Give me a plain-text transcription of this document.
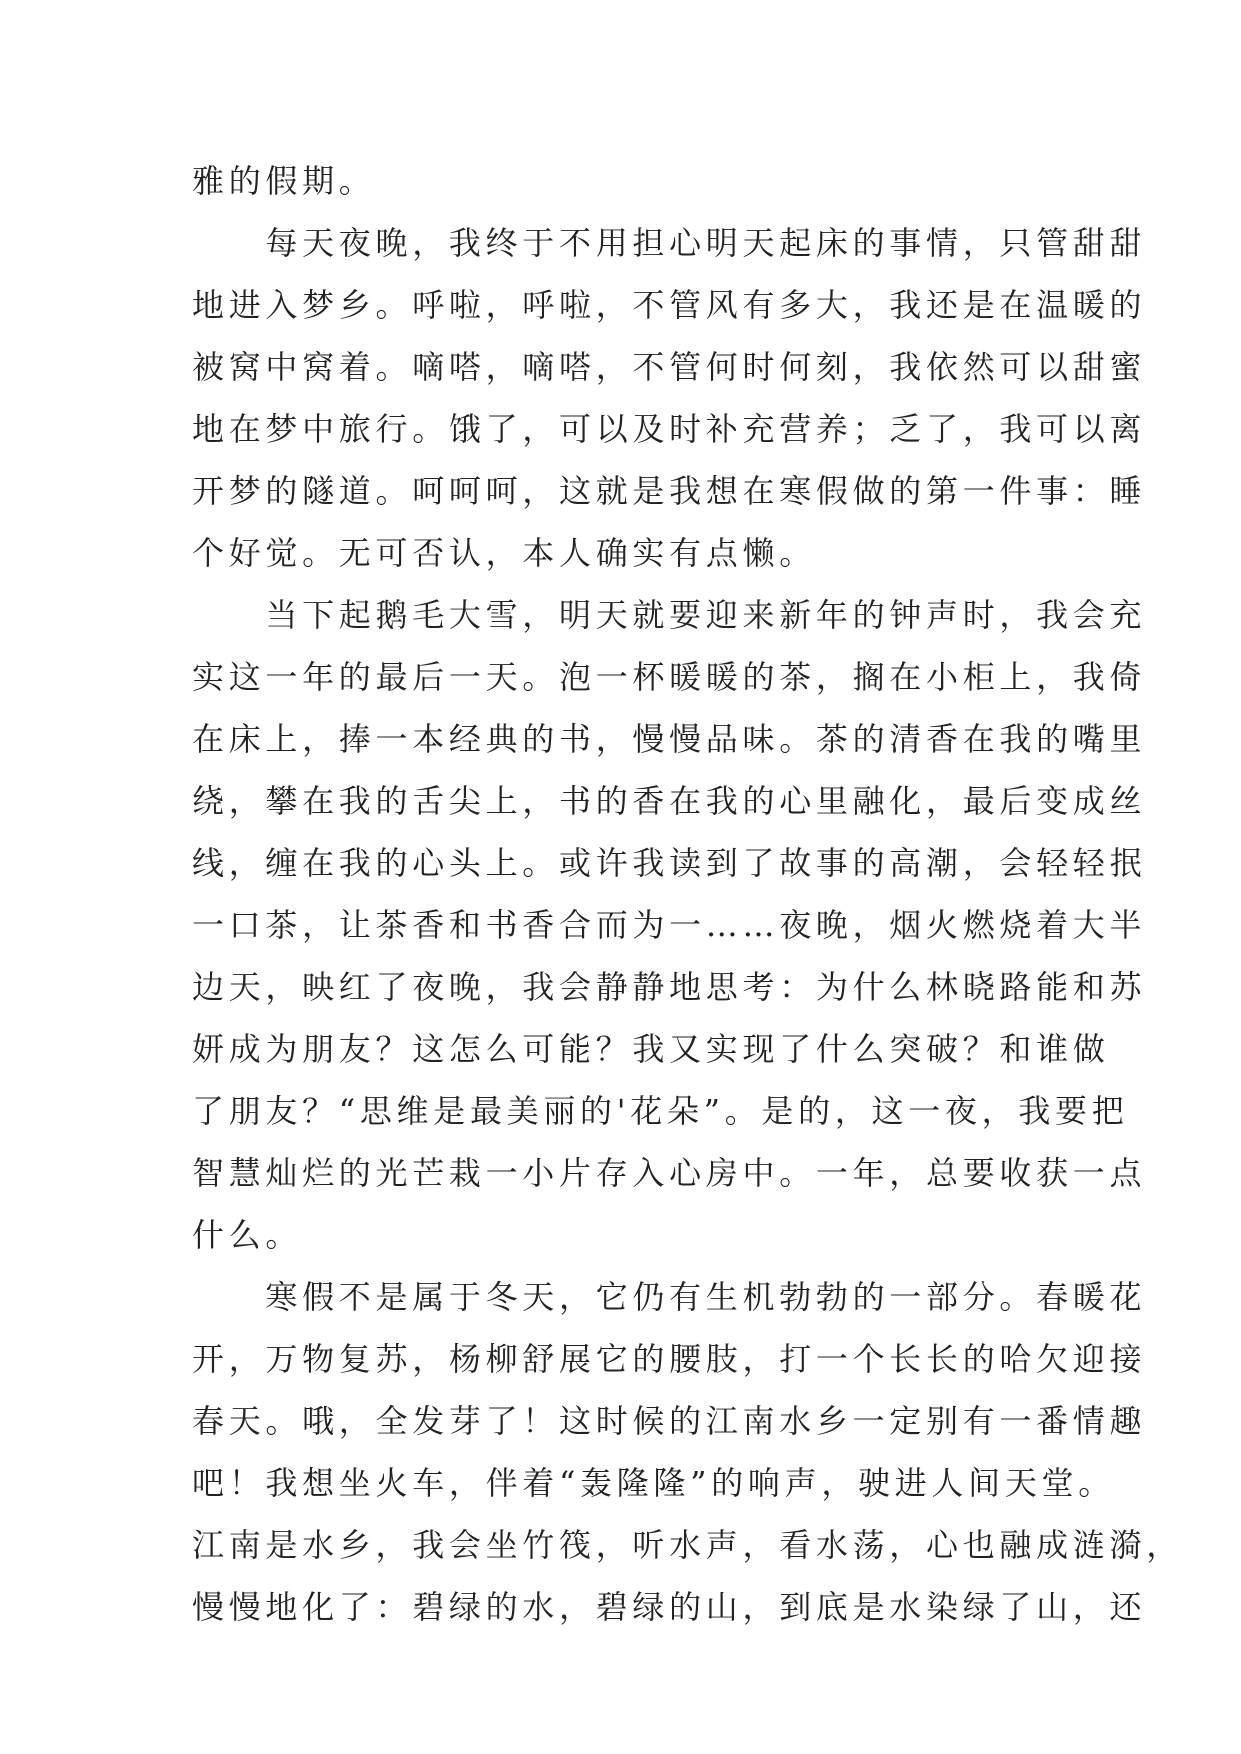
雅的假期。
　　每天夜晚，我终于不用担心明天起床的事情，只管甜甜
地进入梦乡。呼啦，呼啦，不管风有多大，我还是在温暖的
被窝中窝着。嘀嗒，嘀嗒，不管何时何刻，我依然可以甜蜜
地在梦中旅行。饿了，可以及时补充营养；乏了，我可以离
开梦的隧道。呵呵呵，这就是我想在寒假做的第一件事：睡
个好觉。无可否认，本人确实有点懒。
　　当下起鹅毛大雪，明天就要迎来新年的钟声时，我会充
实这一年的最后一天。泡一杯暖暖的茶，搁在小柜上，我倚
在床上，捧一本经典的书，慢慢品味。茶的清香在我的嘴里
绕，攀在我的舌尖上，书的香在我的心里融化，最后变成丝
线，缠在我的心头上。或许我读到了故事的高潮，会轻轻抿
一口茶，让茶香和书香合而为一……夜晚，烟火燃烧着大半
边天，映红了夜晚，我会静静地思考：为什么林晓路能和苏
妍成为朋友？这怎么可能？我又实现了什么突破？和谁做
了朋友？“思维是最美丽的'花朵”。是的，这一夜，我要把
智慧灿烂的光芒栽一小片存入心房中。一年，总要收获一点
什么。
　　寒假不是属于冬天，它仍有生机勃勃的一部分。春暖花
开，万物复苏，杨柳舒展它的腰肢，打一个长长的哈欠迎接
春天。哦，全发芽了！这时候的江南水乡一定别有一番情趣
吧！我想坐火车，伴着“轰隆隆”的响声，驶进人间天堂。
江南是水乡，我会坐竹筏，听水声，看水荡，心也融成涟漪，
慢慢地化了：碧绿的水，碧绿的山，到底是水染绿了山，还
